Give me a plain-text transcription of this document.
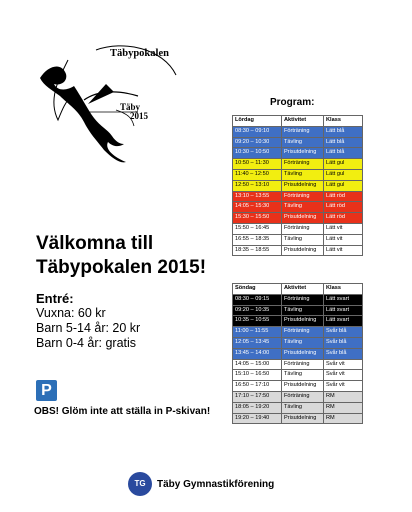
Täbypokalen
Täby
2015
Program:
Lördag	Aktivitet	Klass
08:30 – 09:10	Förträning	Lätt blå
09:20 – 10:30	Tävling	Lätt blå
10:30 – 10:50	Prisutdelning	Lätt blå
10:50 – 11:30	Förträning	Lätt gul
11:40 – 12:50	Tävling	Lätt gul
12:50 – 13:10	Prisutdelning	Lätt gul
13:10 – 13:55	Förträning	Lätt röd
14:05 – 15:30	Tävling	Lätt röd
15:30 – 15:50	Prisutdelning	Lätt röd
15:50 – 16:45	Förträning	Lätt vit
16:55 – 18:35	Tävling	Lätt vit
18:35 – 18:55	Prisutdelning	Lätt vit
Söndag	Aktivitet	Klass
08:30 – 09:15	Förträning	Lätt svart
09:20 – 10:35	Tävling	Lätt svart
10:35 – 10:55	Prisutdelning	Lätt svart
11:00 – 11:55	Förträning	Svår blå
12:05 – 13:45	Tävling	Svår blå
13:45 – 14:00	Prisutdelning	Svår blå
14:05 – 15:00	Förträning	Svår vit
15:10 – 16:50	Tävling	Svår vit
16:50 – 17:10	Prisutdelning	Svår vit
17:10 – 17:50	Förträning	RM
18:05 – 19:20	Tävling	RM
19:20 – 19:40	Prisutdelning	RM
Välkomna till
Täbypokalen 2015!
Entré:
Vuxna: 60 kr
Barn 5-14 år: 20 kr
Barn 0-4 år: gratis
P
OBS! Glöm inte att ställa in P-skivan!
TG	Täby Gymnastikförening
